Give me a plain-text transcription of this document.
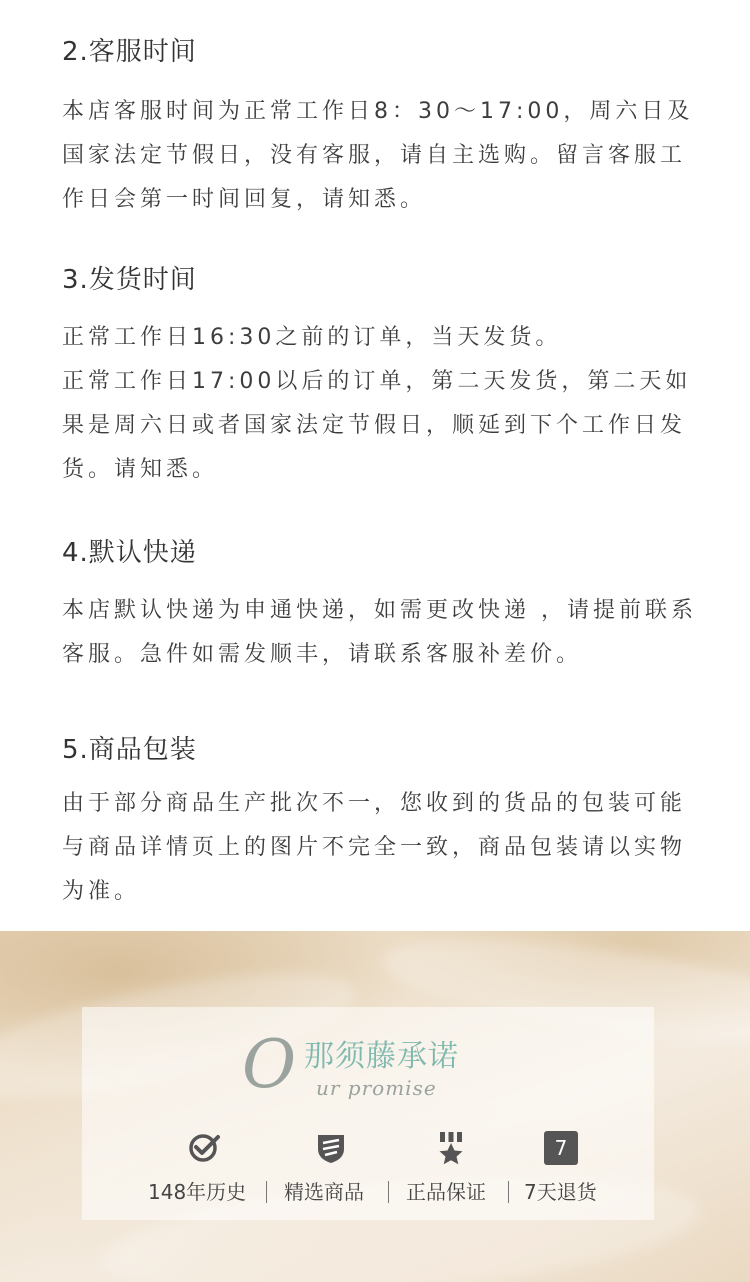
2.客服时间

本店客服时间为正常工作日8：30～17:00，周六日及国家法定节假日，没有客服，请自主选购。留言客服工作日会第一时间回复，请知悉。

3.发货时间

正常工作日16:30之前的订单，当天发货。

正常工作日17:00以后的订单，第二天发货，第二天如果是周六日或者国家法定节假日，顺延到下个工作日发货。请知悉。

4.默认快递

本店默认快递为申通快递，如需更改快递 ，请提前联系客服。急件如需发顺丰，请联系客服补差价。

5.商品包装

由于部分商品生产批次不一，您收到的货品的包装可能与商品详情页上的图片不完全一致，商品包装请以实物为准。

O 那须藤承诺
ur promise
148年历史 精选商品 正品保证
7
7天退货
